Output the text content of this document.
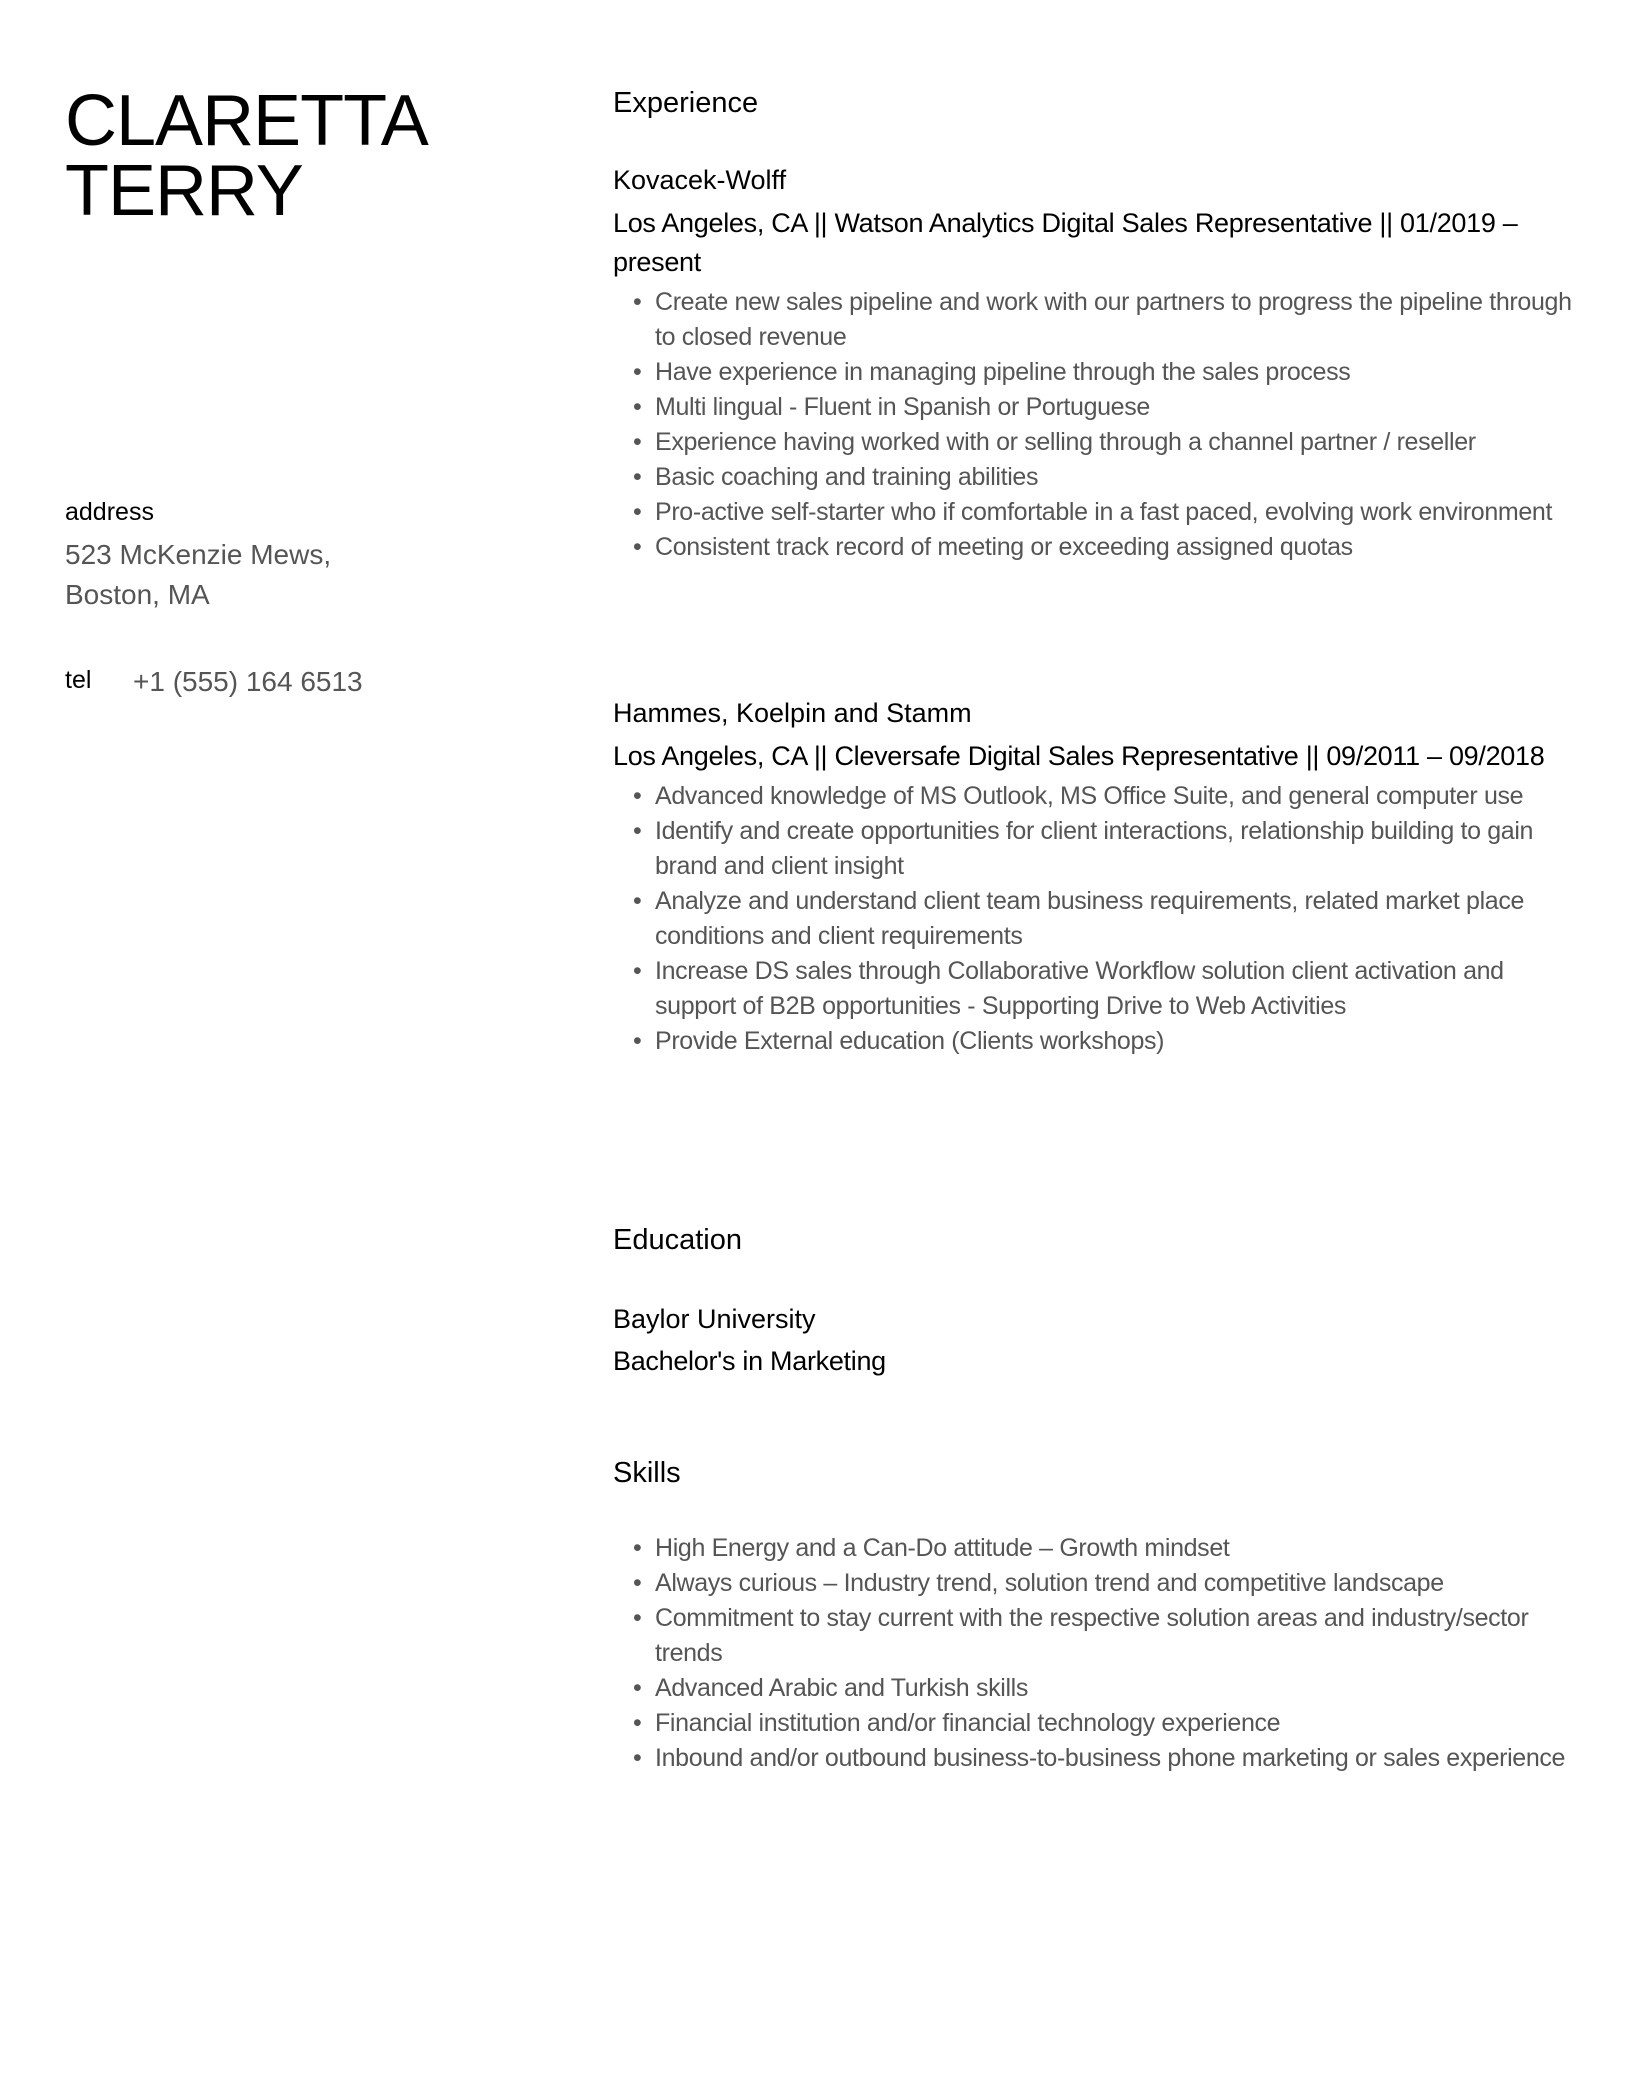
CLARETTA
TERRY
address
523 McKenzie Mews,
Boston, MA
tel +1 (555) 164 6513
Experience
Kovacek-Wolff
Los Angeles, CA || Watson Analytics Digital Sales Representative || 01/2019 – present
• Create new sales pipeline and work with our partners to progress the pipeline through to closed revenue
• Have experience in managing pipeline through the sales process
• Multi lingual - Fluent in Spanish or Portuguese
• Experience having worked with or selling through a channel partner / reseller
• Basic coaching and training abilities
• Pro-active self-starter who if comfortable in a fast paced, evolving work environment
• Consistent track record of meeting or exceeding assigned quotas
Hammes, Koelpin and Stamm
Los Angeles, CA || Cleversafe Digital Sales Representative || 09/2011 – 09/2018
• Advanced knowledge of MS Outlook, MS Office Suite, and general computer use
• Identify and create opportunities for client interactions, relationship building to gain brand and client insight
• Analyze and understand client team business requirements, related market place conditions and client requirements
• Increase DS sales through Collaborative Workflow solution client activation and support of B2B opportunities - Supporting Drive to Web Activities
• Provide External education (Clients workshops)
Education
Baylor University
Bachelor's in Marketing
Skills
• High Energy and a Can-Do attitude – Growth mindset
• Always curious – Industry trend, solution trend and competitive landscape
• Commitment to stay current with the respective solution areas and industry/sector trends
• Advanced Arabic and Turkish skills
• Financial institution and/or financial technology experience
• Inbound and/or outbound business-to-business phone marketing or sales experience
